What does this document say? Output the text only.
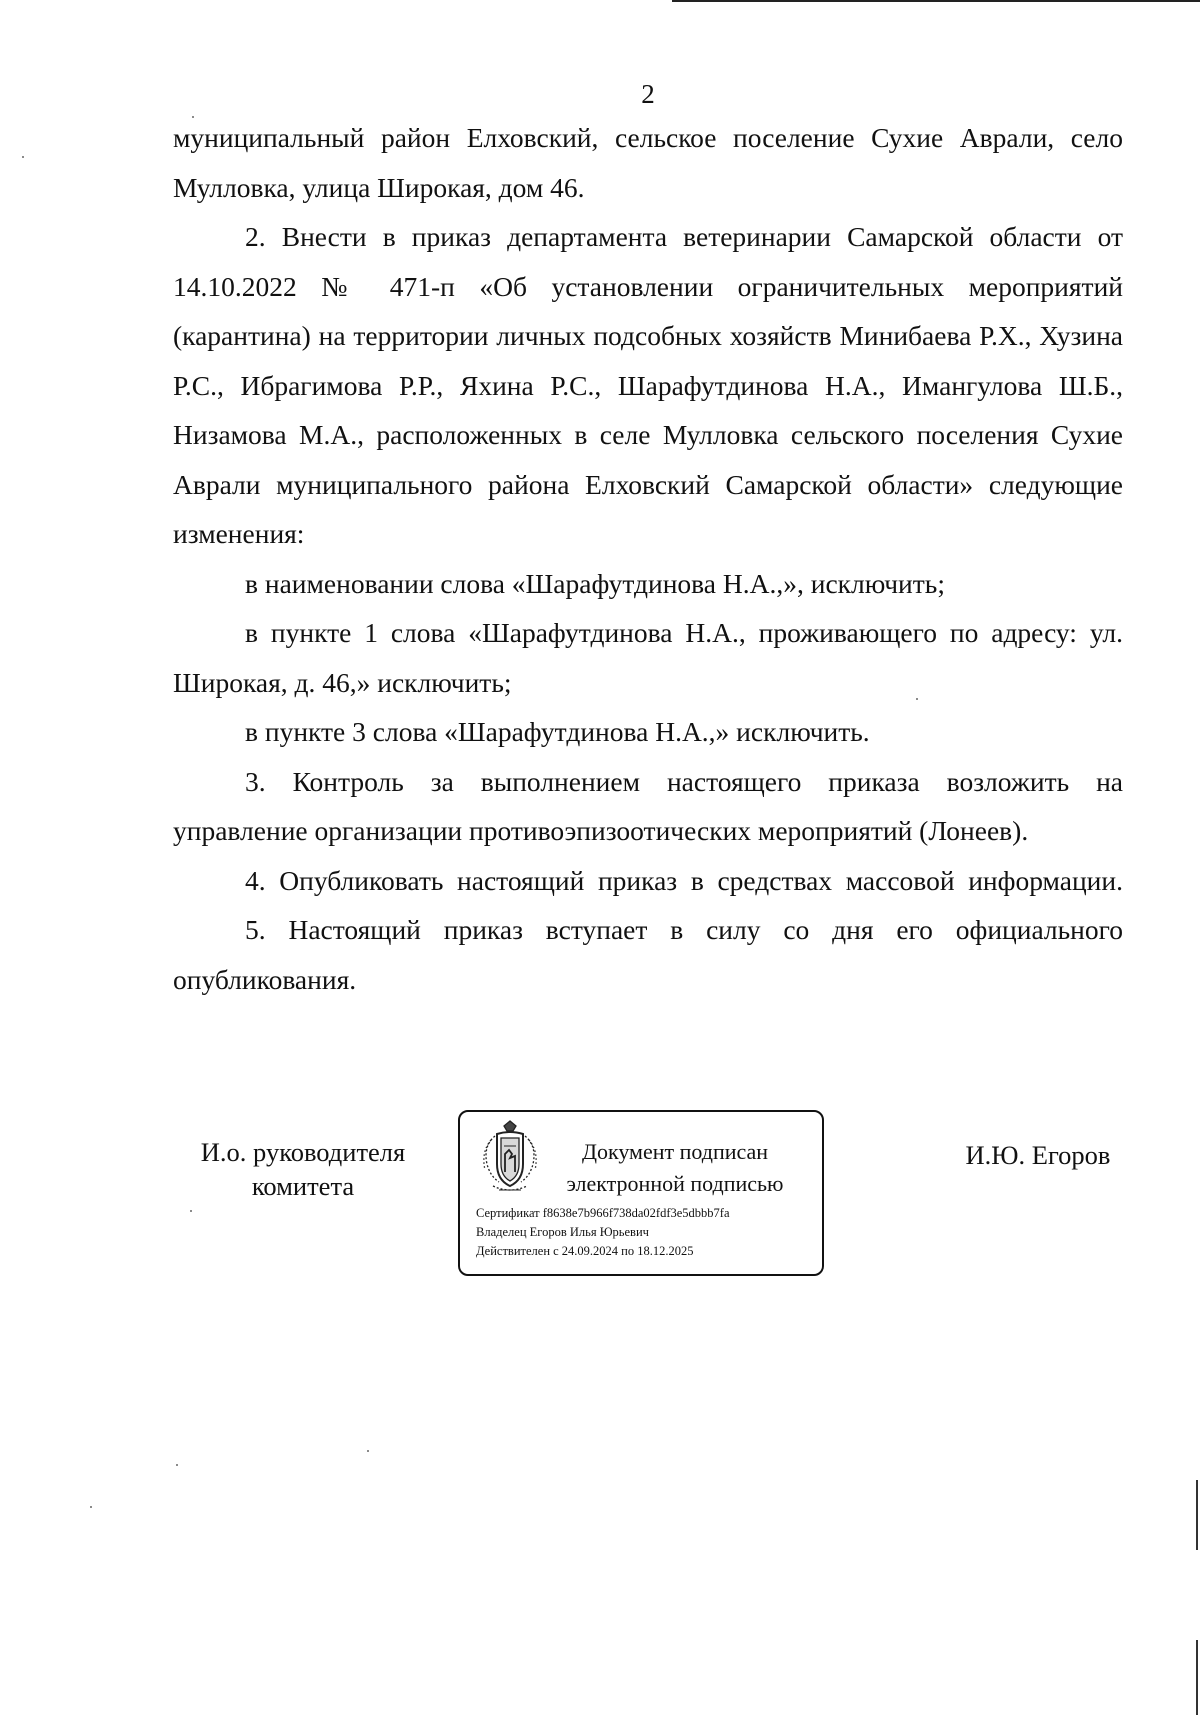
2

муниципальный район Елховский, сельское поселение Сухие Аврали, село Мулловка, улица Широкая, дом 46.

2. Внести в приказ департамента ветеринарии Самарской области от 14.10.2022 № 471-п «Об установлении ограничительных мероприятий (карантина) на территории личных подсобных хозяйств Минибаева Р.Х., Хузина Р.С., Ибрагимова Р.Р., Яхина Р.С., Шарафутдинова Н.А., Имангулова Ш.Б., Низамова М.А., расположенных в селе Мулловка сельского поселения Сухие Аврали муниципального района Елховский Самарской области» следующие изменения:

в наименовании слова «Шарафутдинова Н.А.,», исключить;

в пункте 1 слова «Шарафутдинова Н.А., проживающего по адресу: ул. Широкая, д. 46,» исключить;

в пункте 3 слова «Шарафутдинова Н.А.,» исключить.

3. Контроль за выполнением настоящего приказа возложить на управление организации противоэпизоотических мероприятий (Лонеев).

4. Опубликовать настоящий приказ в средствах массовой информации.

5. Настоящий приказ вступает в силу со дня его официального опубликования.

И.о. руководителя
комитета
Документ подписан
электронной подписью
Сертификат f8638e7b966f738da02fdf3e5dbbb7fa
Владелец Егоров Илья Юрьевич
Действителен с 24.09.2024 по 18.12.2025
И.Ю. Егоров
